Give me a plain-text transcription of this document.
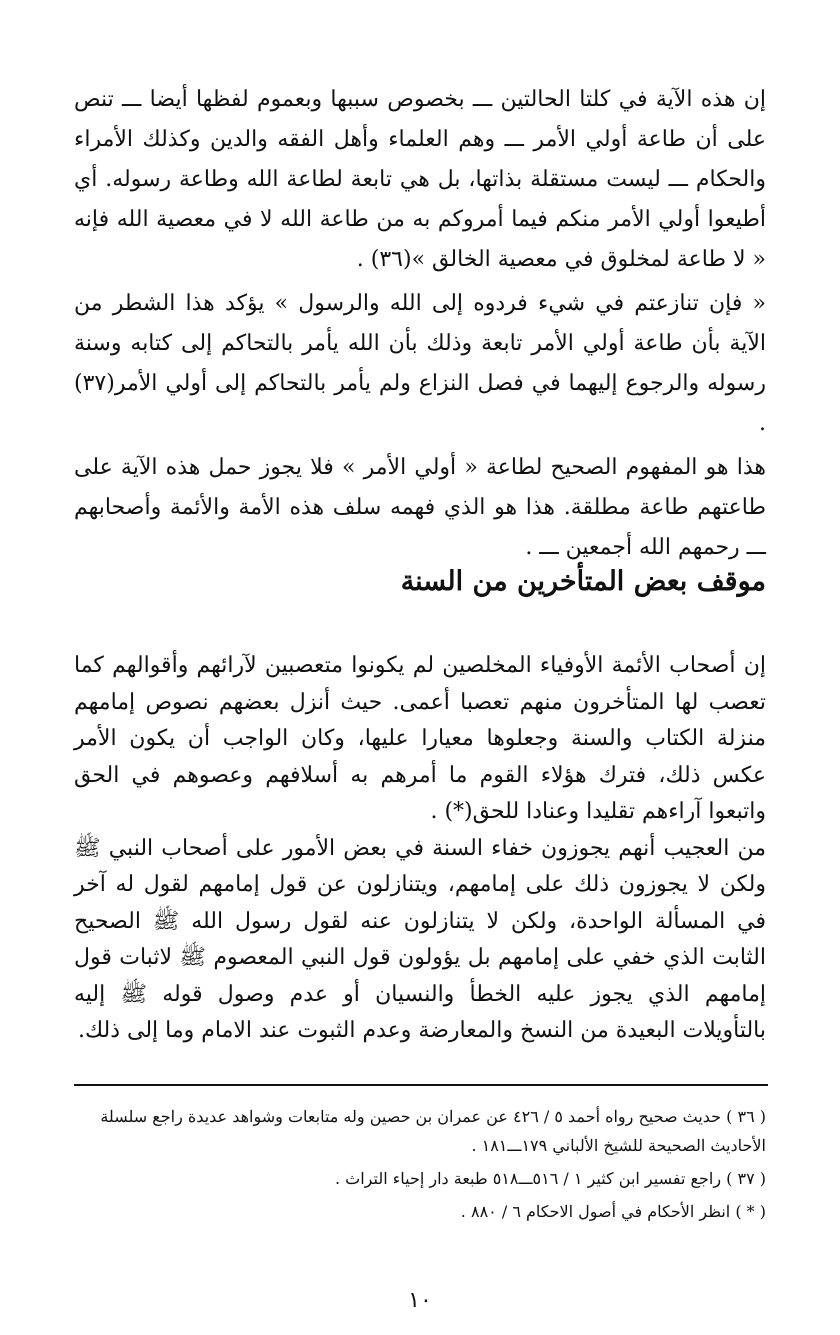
إن هذه الآية في كلتا الحالتين ـــ بخصوص سببها وبعموم لفظها أيضا ـــ تنص على أن طاعة أولي الأمر ـــ وهم العلماء وأهل الفقه والدين وكذلك الأمراء والحكام ـــ ليست مستقلة بذاتها، بل هي تابعة لطاعة الله وطاعة رسوله. أي أطيعوا أولي الأمر منكم فيما أمروكم به من طاعة الله لا في معصية الله فإنه « لا طاعة لمخلوق في معصية الخالق »(٣٦) .

« فإن تنازعتم في شيء فردوه إلى الله والرسول » يؤكد هذا الشطر من الآية بأن طاعة أولي الأمر تابعة وذلك بأن الله يأمر بالتحاكم إلى كتابه وسنة رسوله والرجوع إليهما في فصل النزاع ولم يأمر بالتحاكم إلى أولي الأمر(٣٧) .

هذا هو المفهوم الصحيح لطاعة « أولي الأمر » فلا يجوز حمل هذه الآية على طاعتهم طاعة مطلقة. هذا هو الذي فهمه سلف هذه الأمة والأئمة وأصحابهم ـــ رحمهم الله أجمعين ـــ .

موقف بعض المتأخرين من السنة

إن أصحاب الأئمة الأوفياء المخلصين لم يكونوا متعصبين لآرائهم وأقوالهم كما تعصب لها المتأخرون منهم تعصبا أعمى. حيث أنزل بعضهم نصوص إمامهم منزلة الكتاب والسنة وجعلوها معيارا عليها، وكان الواجب أن يكون الأمر عكس ذلك، فترك هؤلاء القوم ما أمرهم به أسلافهم وعصوهم في الحق واتبعوا آراءهم تقليدا وعنادا للحق(*) .

من العجيب أنهم يجوزون خفاء السنة في بعض الأمور على أصحاب النبي ﷺ ولكن لا يجوزون ذلك على إمامهم، ويتنازلون عن قول إمامهم لقول له آخر في المسألة الواحدة، ولكن لا يتنازلون عنه لقول رسول الله ﷺ الصحيح الثابت الذي خفي على إمامهم بل يؤولون قول النبي المعصوم ﷺ لاثبات قول إمامهم الذي يجوز عليه الخطأ والنسيان أو عدم وصول قوله ﷺ إليه بالتأويلات البعيدة من النسخ والمعارضة وعدم الثبوت عند الامام وما إلى ذلك.

( ٣٦ ) حديث صحيح رواه أحمد ٥ / ٤٢٦ عن عمران بن حصين وله متابعات وشواهد عديدة راجع سلسلة الأحاديث الصحيحة للشيخ الألباني ١٧٩ـــ١٨١ .

( ٣٧ ) راجع تفسير ابن كثير ١ / ٥١٦ـــ٥١٨ طبعة دار إحياء التراث .

( * ) انظر الأحكام في أصول الاحكام ٦ / ٨٨٠ .

١٠
